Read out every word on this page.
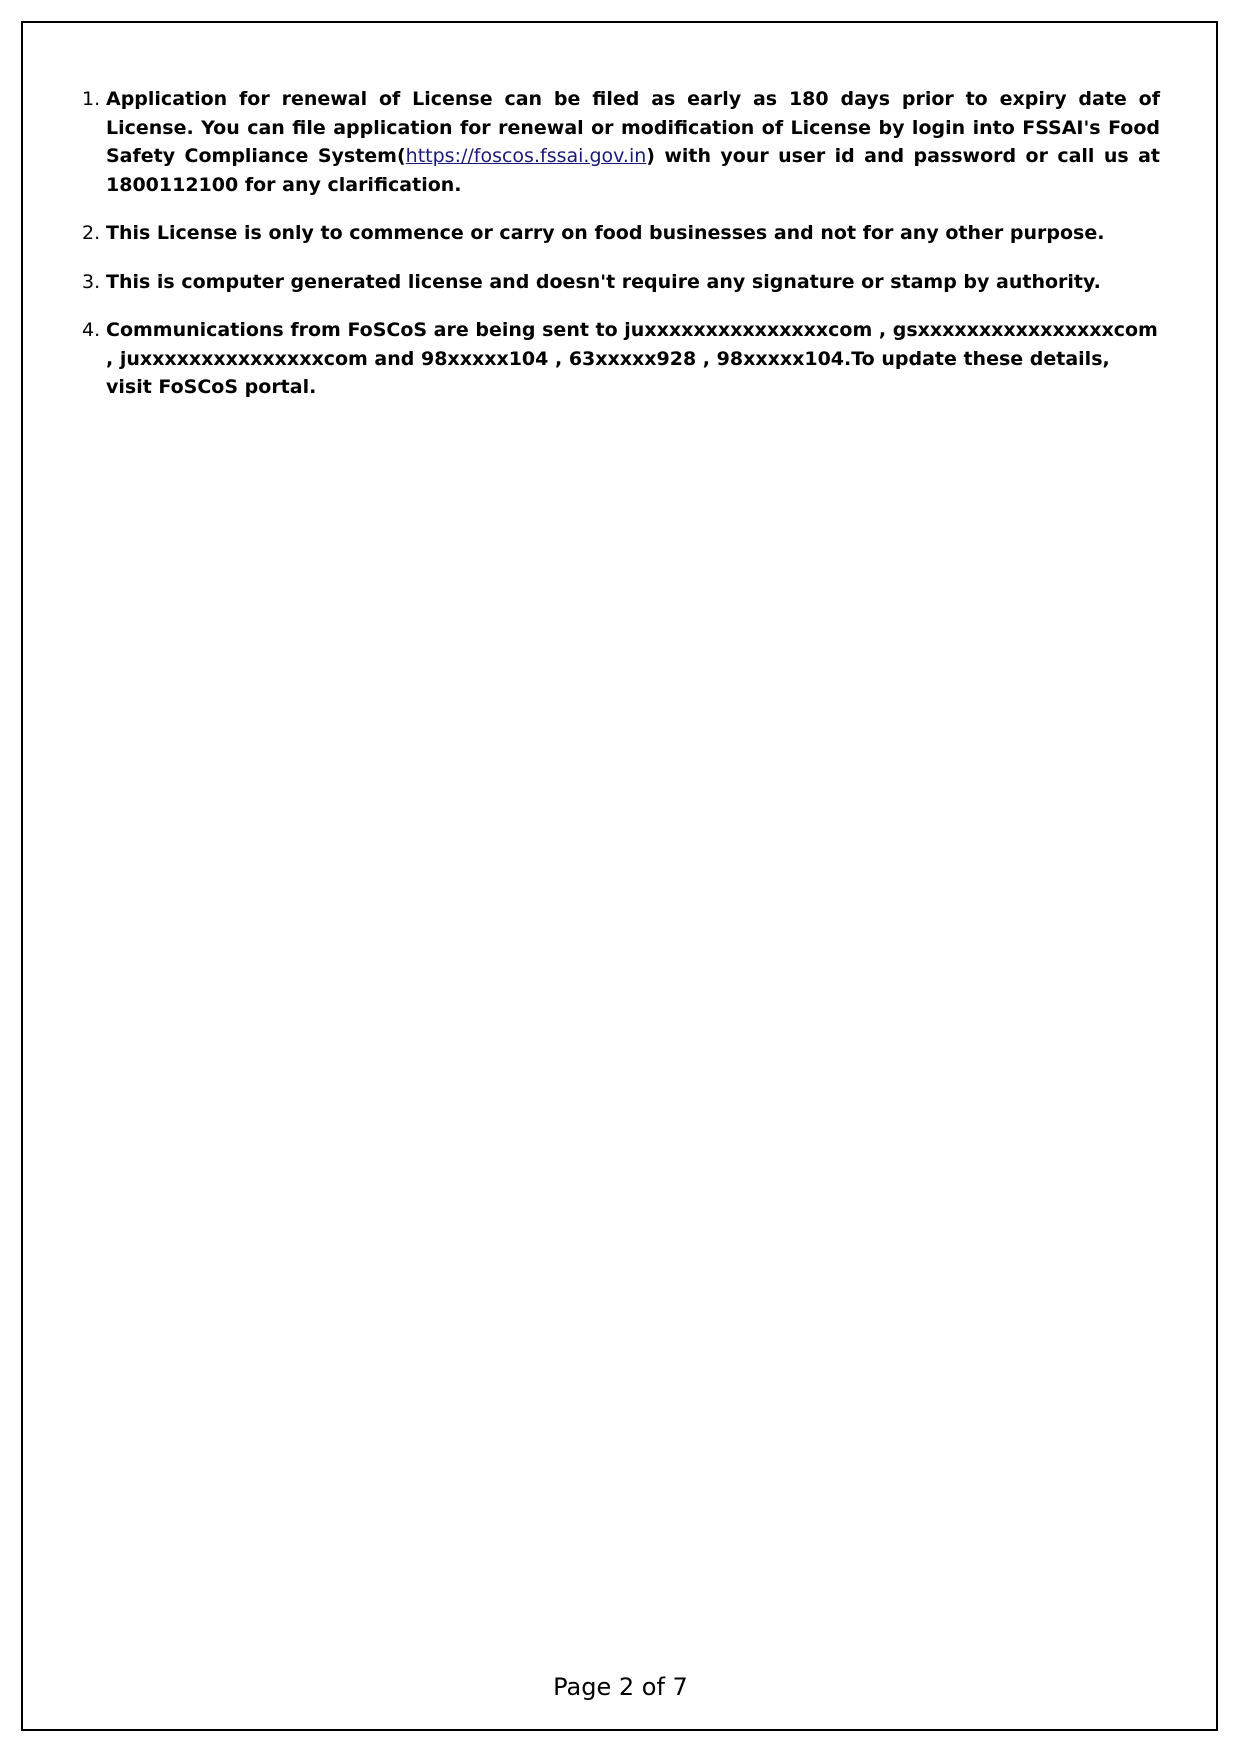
1. Application for renewal of License can be filed as early as 180 days prior to expiry date of License. You can file application for renewal or modification of License by login into FSSAI's Food Safety Compliance System(https://foscos.fssai.gov.in) with your user id and password or call us at 1800112100 for any clarification.
2. This License is only to commence or carry on food businesses and not for any other purpose.
3. This is computer generated license and doesn't require any signature or stamp by authority.
4. Communications from FoSCoS are being sent to juxxxxxxxxxxxxxxxcom , gsxxxxxxxxxxxxxxxxcom , juxxxxxxxxxxxxxxxcom and 98xxxxx104 , 63xxxxx928 , 98xxxxx104.To update these details, visit FoSCoS portal.
Page 2 of 7
